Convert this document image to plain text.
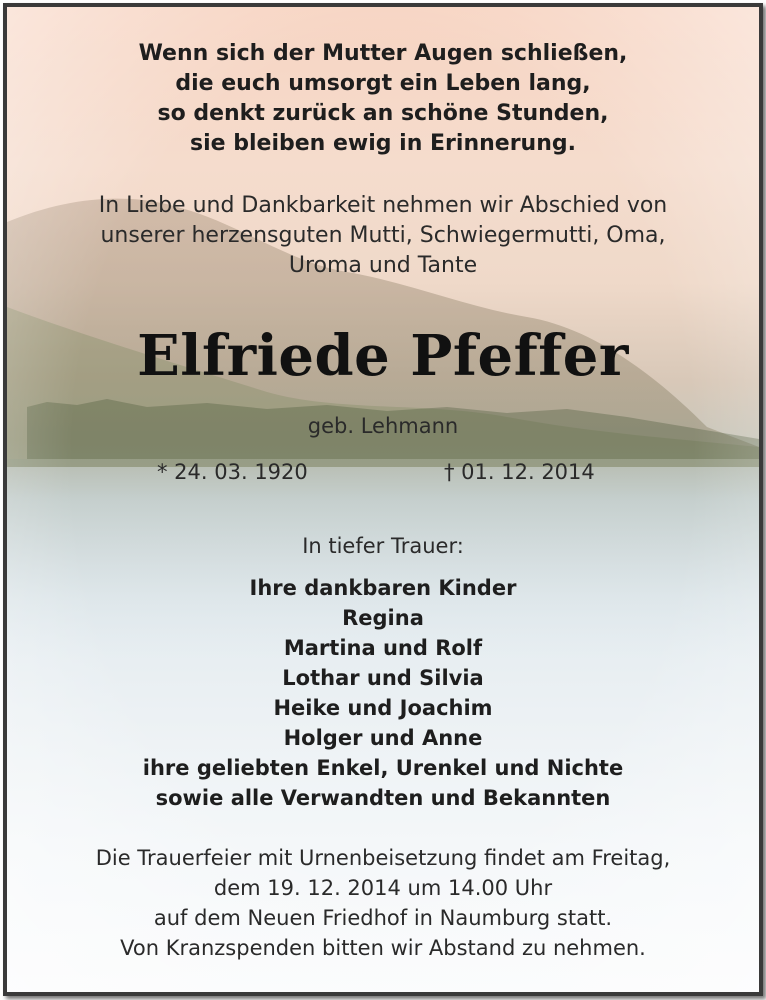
Wenn sich der Mutter Augen schließen,
die euch umsorgt ein Leben lang,
so denkt zurück an schöne Stunden,
sie bleiben ewig in Erinnerung.
In Liebe und Dankbarkeit nehmen wir Abschied von
unserer herzensguten Mutti, Schwiegermutti, Oma,
Uroma und Tante
Elfriede Pfeffer
geb. Lehmann
* 24. 03. 1920	† 01. 12. 2014
In tiefer Trauer:
Ihre dankbaren Kinder
Regina
Martina und Rolf
Lothar und Silvia
Heike und Joachim
Holger und Anne
ihre geliebten Enkel, Urenkel und Nichte
sowie alle Verwandten und Bekannten
Die Trauerfeier mit Urnenbeisetzung findet am Freitag,
dem 19. 12. 2014 um 14.00 Uhr
auf dem Neuen Friedhof in Naumburg statt.
Von Kranzspenden bitten wir Abstand zu nehmen.
